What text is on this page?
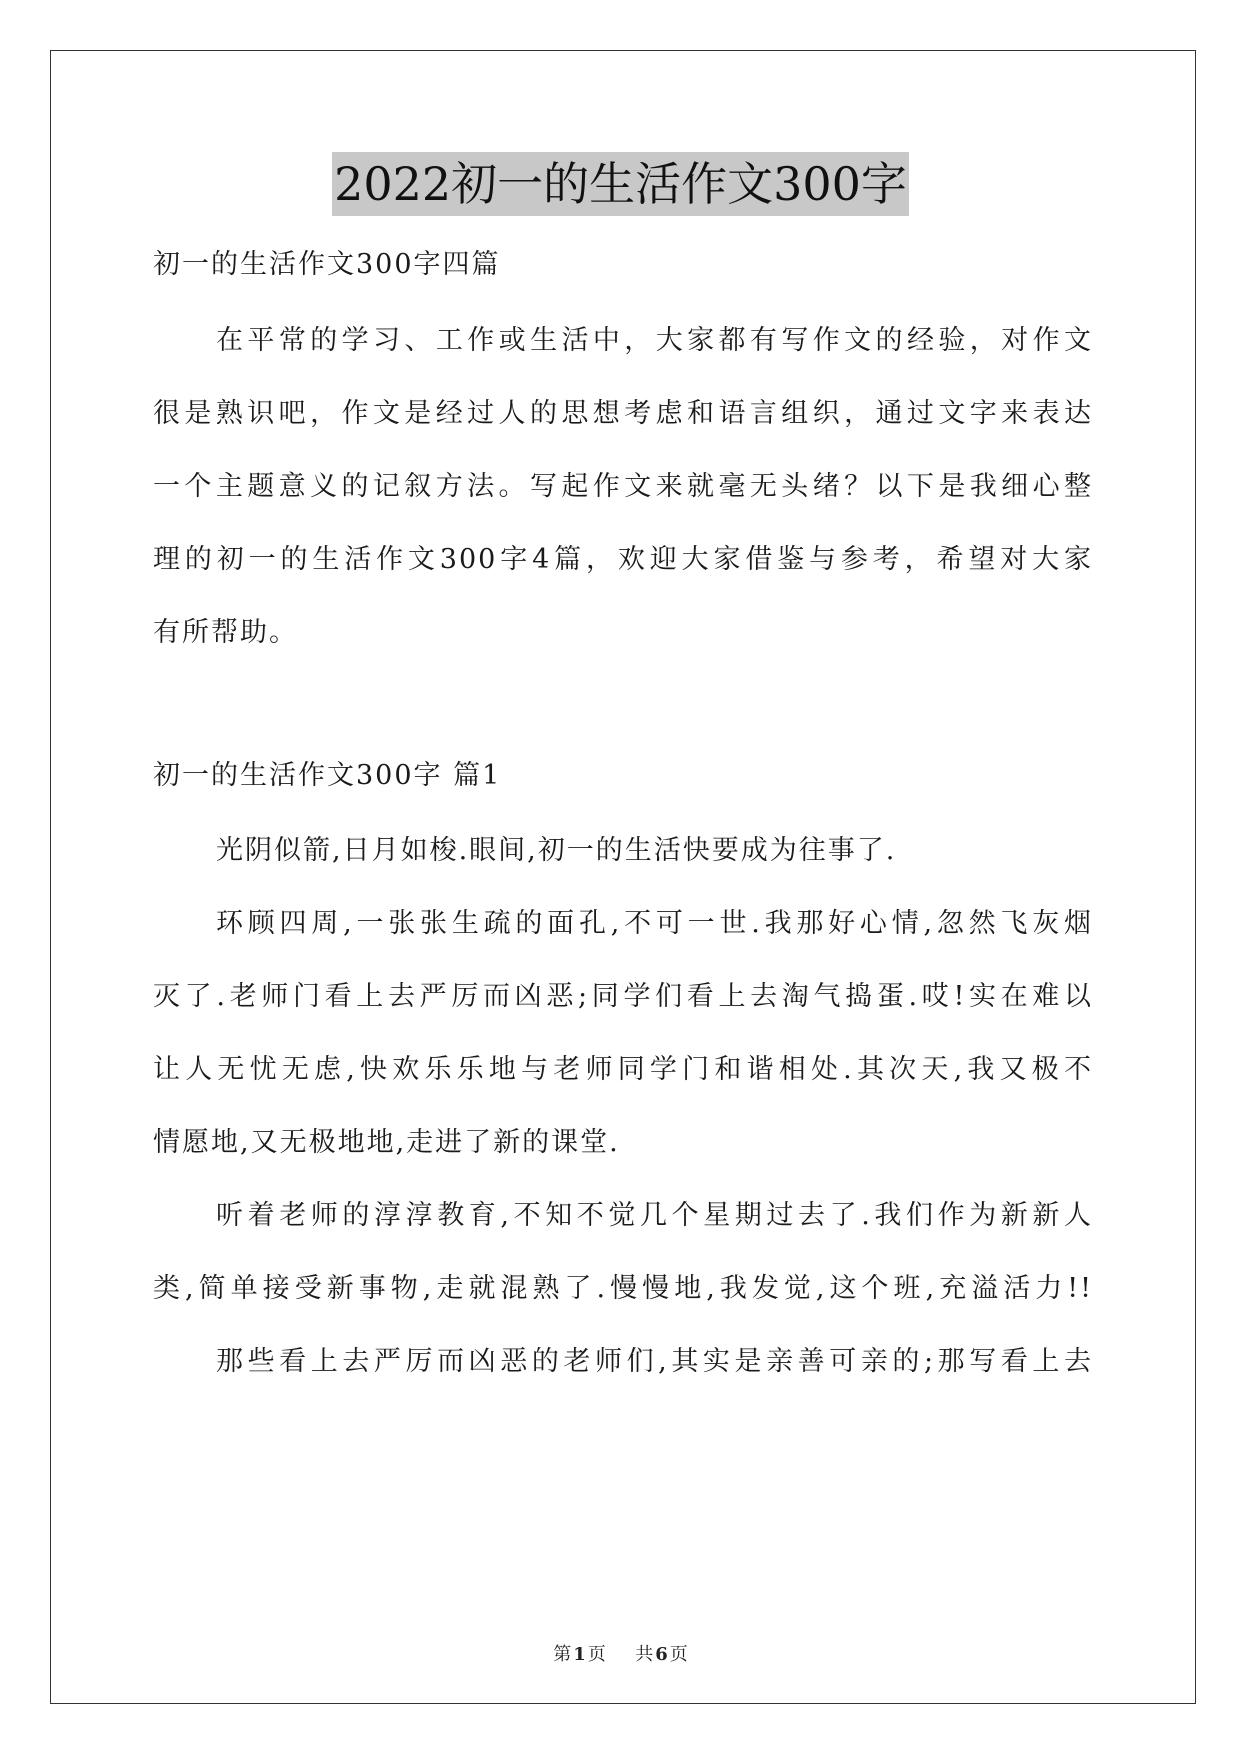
2022初一的生活作文300字
初一的生活作文300字四篇
在平常的学习、工作或生活中，大家都有写作文的经验，对作文
很是熟识吧，作文是经过人的思想考虑和语言组织，通过文字来表达
一个主题意义的记叙方法。写起作文来就毫无头绪？以下是我细心整
理的初一的生活作文300字4篇，欢迎大家借鉴与参考，希望对大家
有所帮助。
初一的生活作文300字 篇1
光阴似箭,日月如梭.眼间,初一的生活快要成为往事了.
环顾四周,一张张生疏的面孔,不可一世.我那好心情,忽然飞灰烟
灭了.老师门看上去严厉而凶恶;同学们看上去淘气捣蛋.哎!实在难以
让人无忧无虑,快欢乐乐地与老师同学门和谐相处.其次天,我又极不
情愿地,又无极地地,走进了新的课堂.
听着老师的淳淳教育,不知不觉几个星期过去了.我们作为新新人
类,简单接受新事物,走就混熟了.慢慢地,我发觉,这个班,充溢活力!!
那些看上去严厉而凶恶的老师们,其实是亲善可亲的;那写看上去
第 1 页 共 6 页
